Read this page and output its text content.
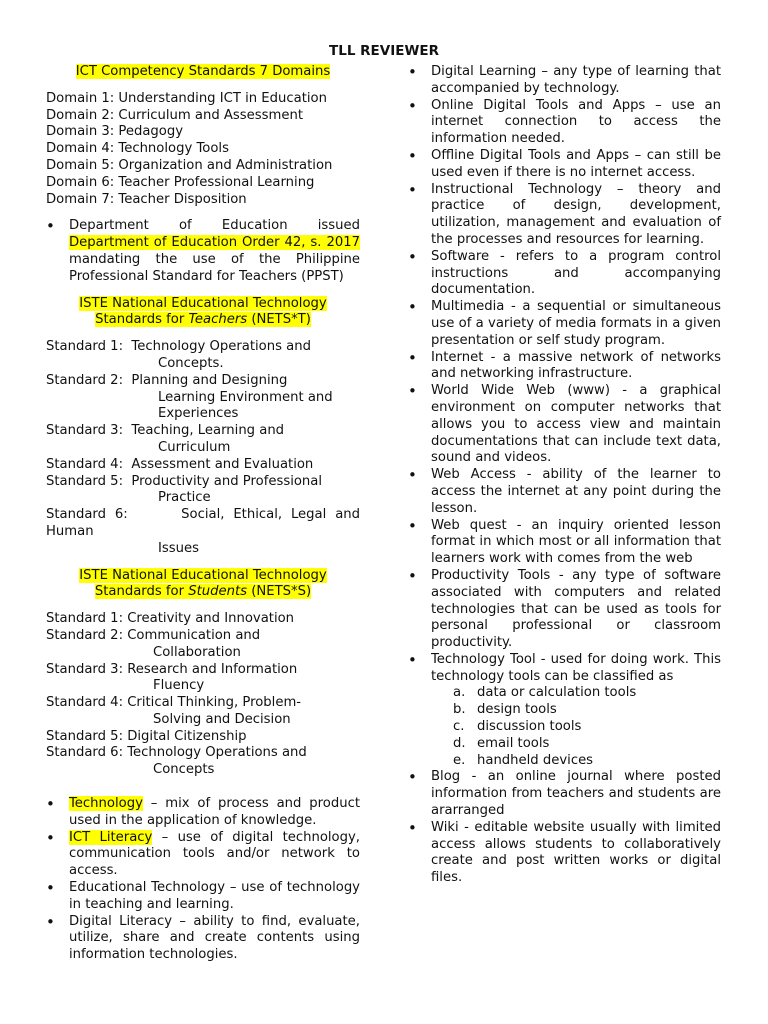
TLL REVIEWER

ICT Competency Standards 7 Domains

Domain 1: Understanding ICT in Education

Domain 2: Curriculum and Assessment

Domain 3: Pedagogy

Domain 4: Technology Tools

Domain 5: Organization and Administration

Domain 6: Teacher Professional Learning

Domain 7: Teacher Disposition

• Department of Education issued Department of Education Order 42, s. 2017 mandating the use of the Philippine Professional Standard for Teachers (PPST)

ISTE National Educational Technology Standards for Teachers (NETS*T)

Standard 1:  Technology Operations and
Concepts.

Standard 2:  Planning and Designing
Learning Environment and Experiences

Standard 3:  Teaching, Learning and
Curriculum

Standard 4:  Assessment and Evaluation

Standard 5:  Productivity and Professional
Practice

Standard 6:	Social, Ethical, Legal and Human
Issues

ISTE National Educational Technology Standards for Students (NETS*S)

Standard 1: Creativity and Innovation

Standard 2: Communication and
Collaboration

Standard 3: Research and Information
Fluency

Standard 4: Critical Thinking, Problem-
Solving and Decision

Standard 5: Digital Citizenship

Standard 6: Technology Operations and
Concepts

• Technology – mix of process and product used in the application of knowledge.
• ICT Literacy – use of digital technology, communication tools and/or network to access.
• Educational Technology – use of technology in teaching and learning.
• Digital Literacy – ability to find, evaluate, utilize, share and create contents using information technologies.
• Digital Learning – any type of learning that accompanied by technology.
• Online Digital Tools and Apps – use an internet connection to access the information needed.
• Offline Digital Tools and Apps – can still be used even if there is no internet access.
• Instructional Technology – theory and practice of design, development, utilization, management and evaluation of the processes and resources for learning.
• Software - refers to a program control instructions and accompanying documentation.
• Multimedia - a sequential or simultaneous use of a variety of media formats in a given presentation or self study program.
• Internet - a massive network of networks and networking infrastructure.
• World Wide Web (www) - a graphical environment on computer networks that allows you to access view and maintain documentations that can include text data, sound and videos.
• Web Access - ability of the learner to access the internet at any point during the lesson.
• Web quest - an inquiry oriented lesson format in which most or all information that learners work with comes from the web
• Productivity Tools - any type of software associated with computers and related technologies that can be used as tools for personal professional or classroom productivity.
• Technology Tool - used for doing work. This technology tools can be classified as
a. data or calculation tools
b. design tools
c. discussion tools
d. email tools
e. handheld devices
• Blog - an online journal where posted information from teachers and students are ararranged
• Wiki - editable website usually with limited access allows students to collaboratively create and post written works or digital files.
